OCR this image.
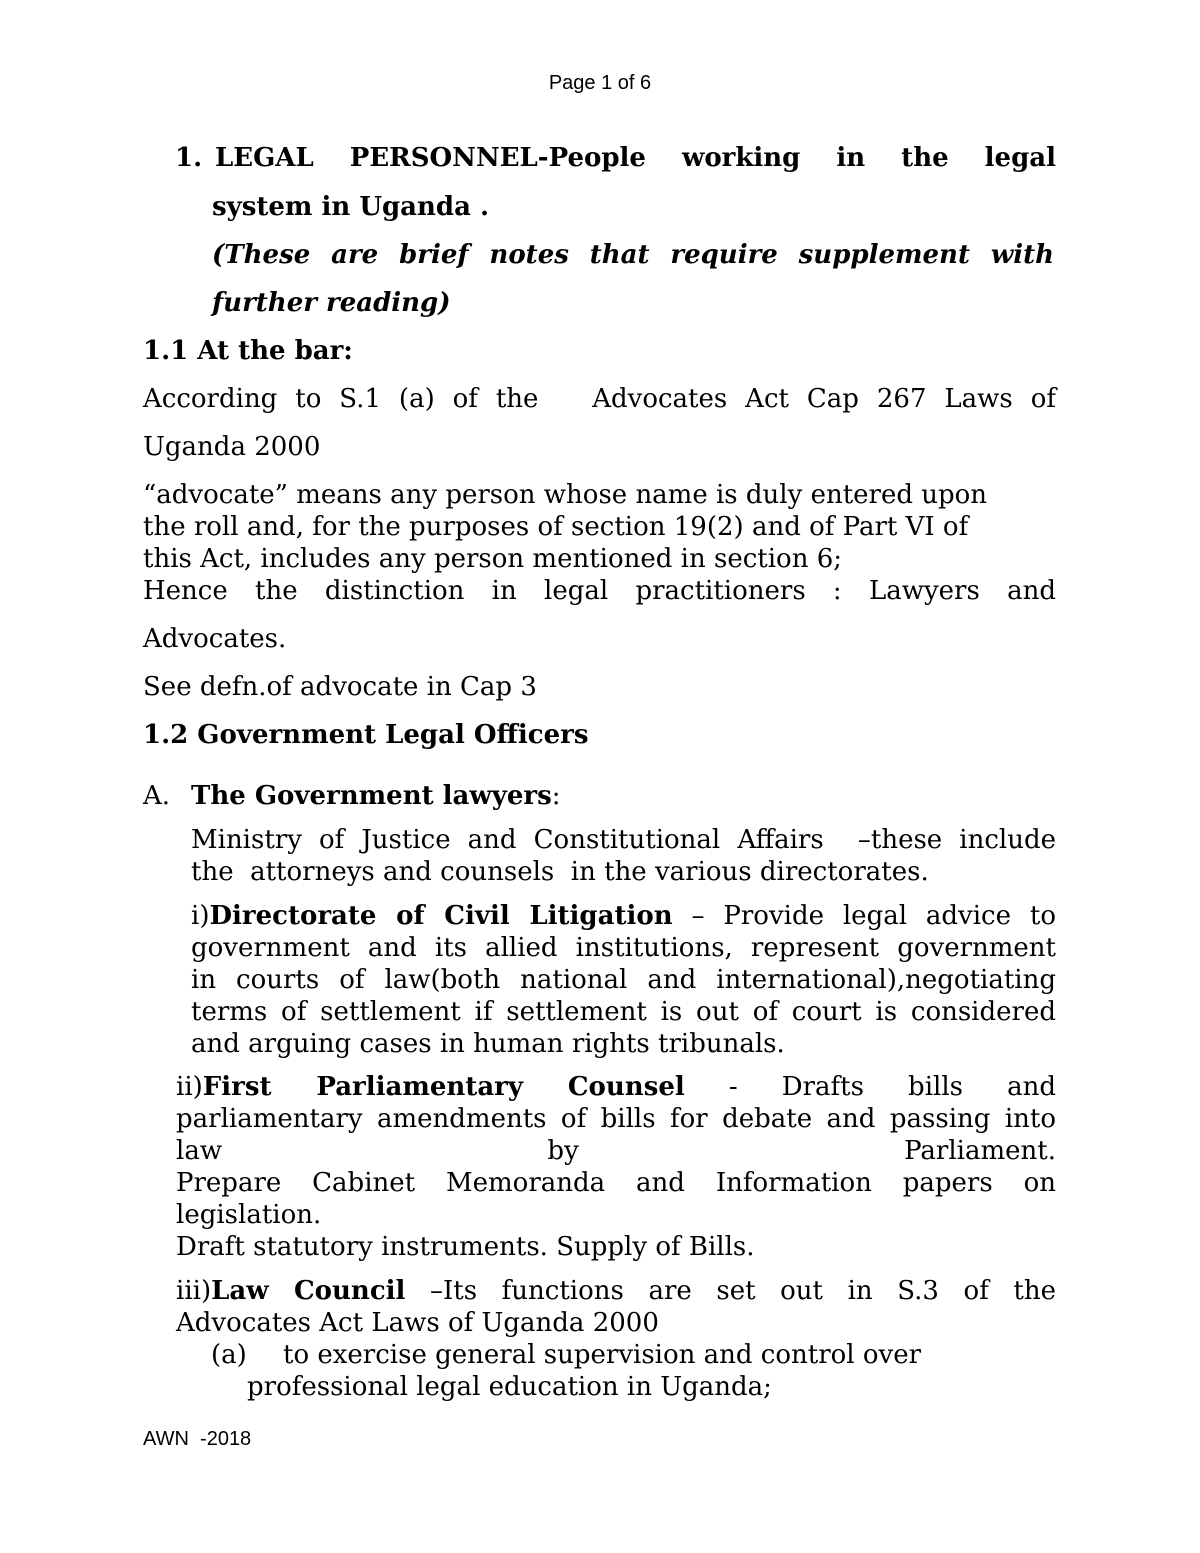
Page 1 of 6
1. LEGAL PERSONNEL-People working in the legal
system in Uganda .
(These are brief notes that require supplement with
further reading)
1.1 At the bar:
According to S.1 (a) of the   Advocates Act Cap 267 Laws of
Uganda 2000
“advocate” means any person whose name is duly entered upon
the roll and, for the purposes of section 19(2) and of Part VI of
this Act, includes any person mentioned in section 6;
Hence the distinction in legal practitioners : Lawyers and
Advocates.
See defn.of advocate in Cap 3
1.2 Government Legal Officers
A. The Government lawyers:
Ministry of Justice and Constitutional Affairs  –these include
the  attorneys and counsels  in the various directorates.
i)Directorate of Civil Litigation – Provide legal advice to
government and its allied institutions, represent government
in courts of law(both national and international),negotiating
terms of settlement if settlement is out of court is considered
and arguing cases in human rights tribunals.
ii)First Parliamentary Counsel - Drafts bills and
parliamentary amendments of bills for debate and passing into
law by Parliament.
Prepare Cabinet Memoranda and Information papers on
legislation.
Draft statutory instruments. Supply of Bills.
iii)Law Council –Its functions are set out in S.3 of the
Advocates Act Laws of Uganda 2000
(a) to exercise general supervision and control over
professional legal education in Uganda;
AWN  -2018
